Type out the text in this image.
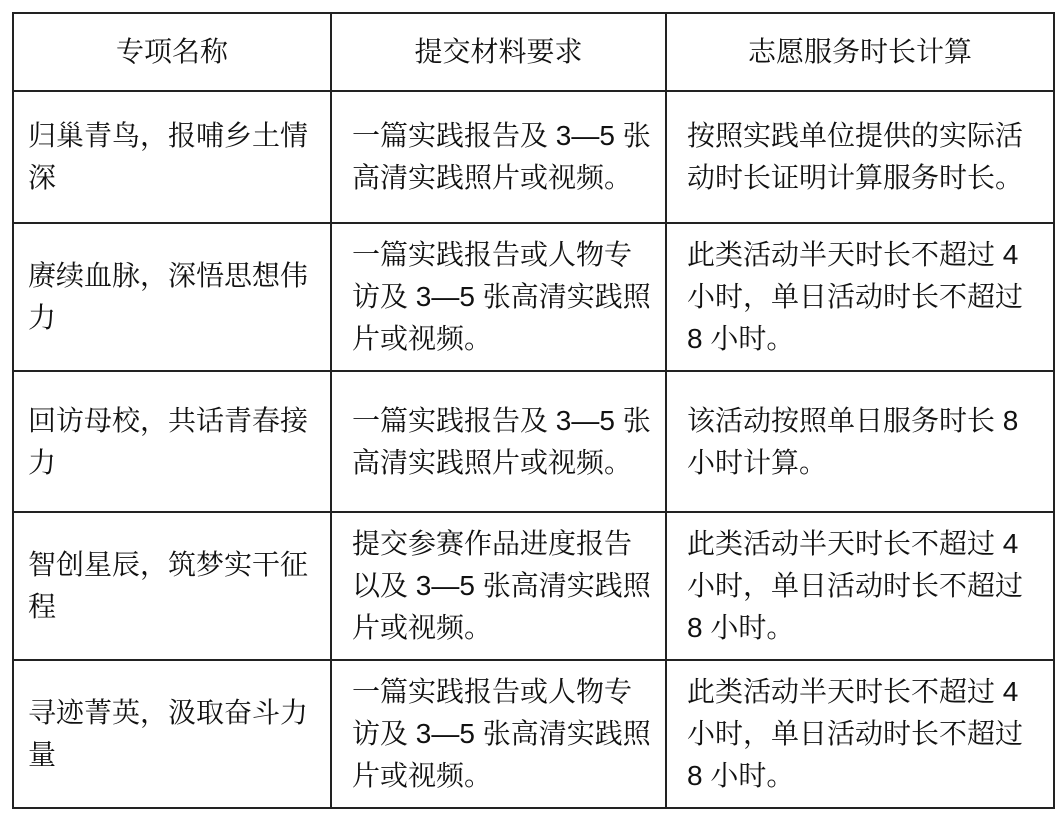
专项名称	提交材料要求	志愿服务时长计算
归巢青鸟，报哺乡土情深	一篇实践报告及 3—5 张高清实践照片或视频。	按照实践单位提供的实际活动时长证明计算服务时长。
赓续血脉，深悟思想伟力	一篇实践报告或人物专访及 3—5 张高清实践照片或视频。	此类活动半天时长不超过 4 小时，单日活动时长不超过 8 小时。
回访母校，共话青春接力	一篇实践报告及 3—5 张高清实践照片或视频。	该活动按照单日服务时长 8 小时计算。
智创星辰，筑梦实干征程	提交参赛作品进度报告以及 3—5 张高清实践照片或视频。	此类活动半天时长不超过 4 小时，单日活动时长不超过 8 小时。
寻迹菁英，汲取奋斗力量	一篇实践报告或人物专访及 3—5 张高清实践照片或视频。	此类活动半天时长不超过 4 小时，单日活动时长不超过 8 小时。
